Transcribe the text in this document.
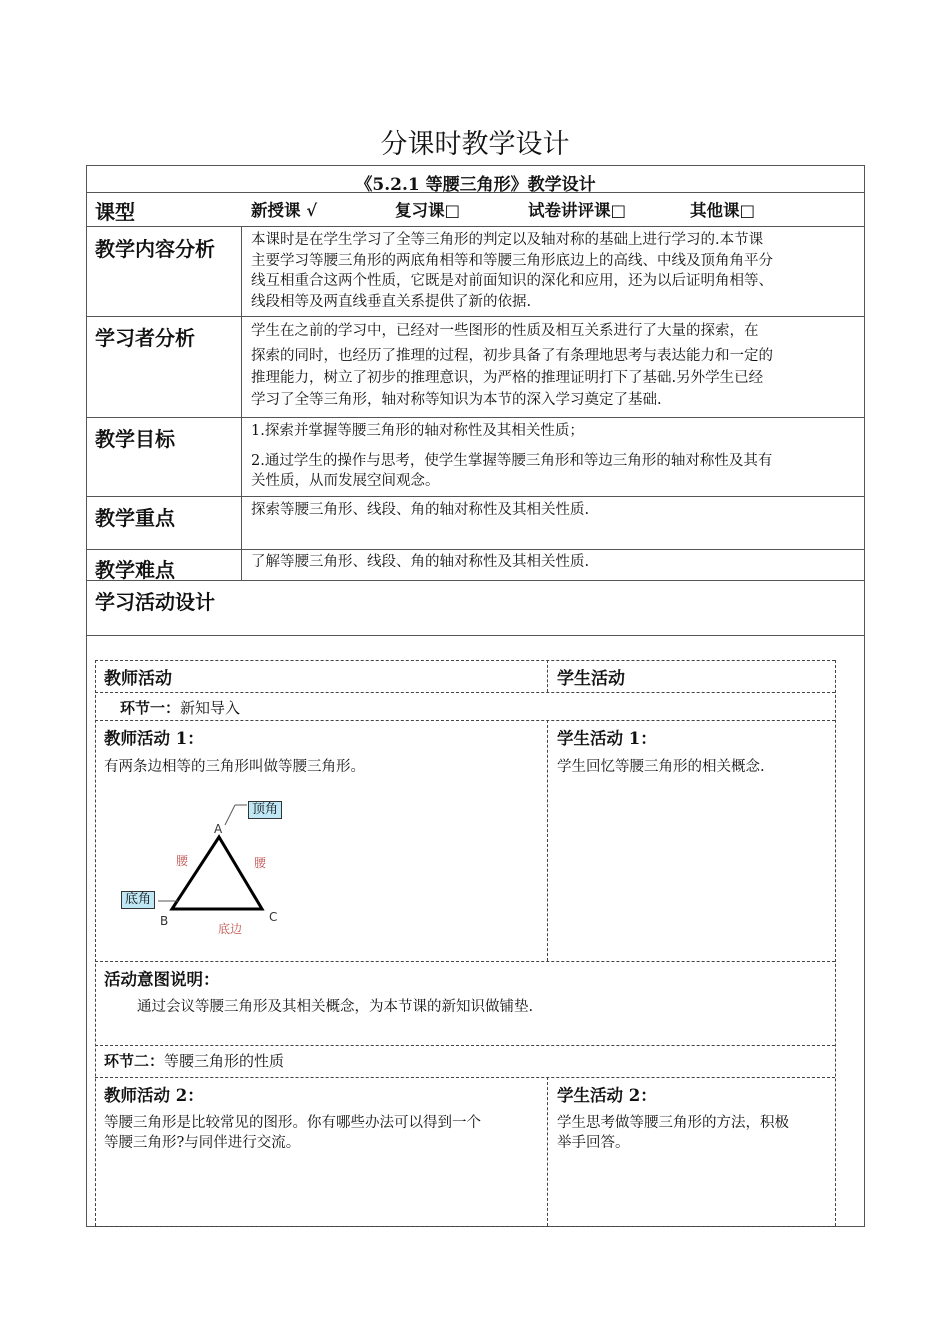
分课时教学设计
《5.2.1 等腰三角形》教学设计
课型	新授课 √	复习课□	试卷讲评课□	其他课□
教学内容分析 本课时是在学生学习了全等三角形的判定以及轴对称的基础上进行学习的.本节课
主要学习等腰三角形的两底角相等和等腰三角形底边上的高线、中线及顶角角平分
线互相重合这两个性质，它既是对前面知识的深化和应用，还为以后证明角相等、
线段相等及两直线垂直关系提供了新的依据.
学习者分析	学生在之前的学习中，已经对一些图形的性质及相互关系进行了大量的探索，在
探索的同时，也经历了推理的过程，初步具备了有条理地思考与表达能力和一定的
推理能力，树立了初步的推理意识，为严格的推理证明打下了基础.另外学生已经
学习了全等三角形，轴对称等知识为本节的深入学习奠定了基础.
教学目标	1.探索并掌握等腰三角形的轴对称性及其相关性质；
2.通过学生的操作与思考，使学生掌握等腰三角形和等边三角形的轴对称性及其有
关性质，从而发展空间观念。
教学重点	探索等腰三角形、线段、角的轴对称性及其相关性质.
教学难点	了解等腰三角形、线段、角的轴对称性及其相关性质.
学习活动设计
教师活动	学生活动
环节一：新知导入
教师活动 1：
有两条边相等的三角形叫做等腰三角形。
学生活动 1：
学生回忆等腰三角形的相关概念.
A
B	C
腰	腰
底边
顶角
底角
活动意图说明：
通过会议等腰三角形及其相关概念，为本节课的新知识做铺垫.
环节二：等腰三角形的性质
教师活动 2：
等腰三角形是比较常见的图形。你有哪些办法可以得到一个
等腰三角形?与同伴进行交流。
学生活动 2：
学生思考做等腰三角形的方法，积极
举手回答。
